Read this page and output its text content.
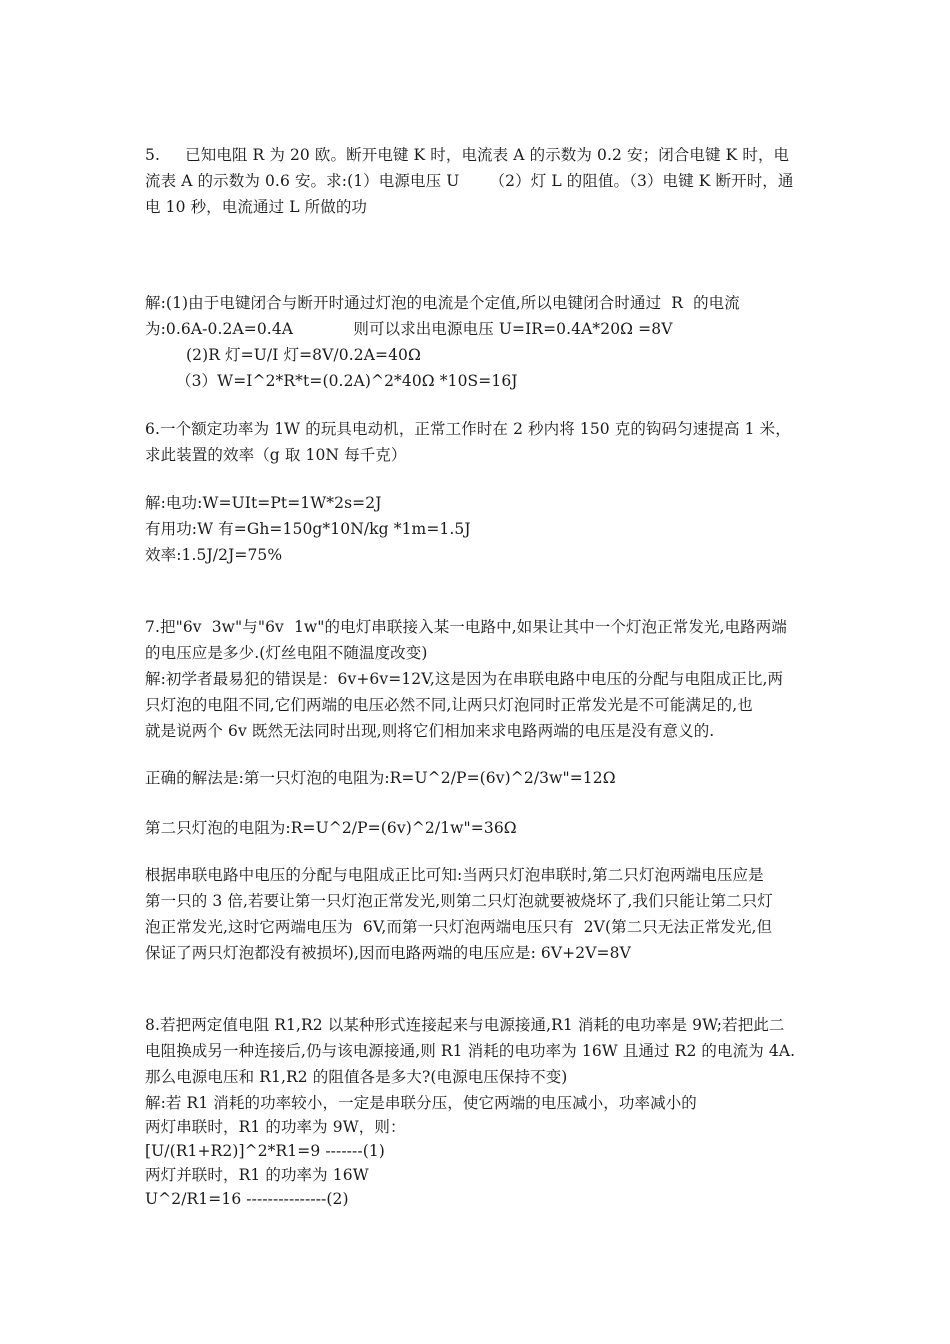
5.     已知电阻 R 为 20 欧。断开电键 K 时，电流表 A 的示数为 0.2 安；闭合电键 K 时，电
流表 A 的示数为 0.6 安。求:(1）电源电压 U      （2）灯 L 的阻值。（3）电键 K 断开时，通
电 10 秒，电流通过 L 所做的功
解:(1)由于电键闭合与断开时通过灯泡的电流是个定值,所以电键闭合时通过  R  的电流
为:0.6A-0.2A=0.4A            则可以求出电源电压 U=IR=0.4A*20Ω =8V
(2)R 灯=U/I 灯=8V/0.2A=40Ω
（3）W=I^2*R*t=(0.2A)^2*40Ω *10S=16J
6.一个额定功率为 1W 的玩具电动机，正常工作时在 2 秒内将 150 克的钩码匀速提高 1 米，
求此装置的效率（g 取 10N 每千克）
解:电功:W=UIt=Pt=1W*2s=2J
有用功:W 有=Gh=150g*10N/kg *1m=1.5J
效率:1.5J/2J=75%
7.把"6v  3w"与"6v  1w"的电灯串联接入某一电路中,如果让其中一个灯泡正常发光,电路两端
的电压应是多少.(灯丝电阻不随温度改变)
解:初学者最易犯的错误是：6v+6v=12V,这是因为在串联电路中电压的分配与电阻成正比,两
只灯泡的电阻不同,它们两端的电压必然不同,让两只灯泡同时正常发光是不可能满足的,也
就是说两个 6v 既然无法同时出现,则将它们相加来求电路两端的电压是没有意义的.
正确的解法是:第一只灯泡的电阻为:R=U^2/P=(6v)^2/3w"=12Ω
第二只灯泡的电阻为:R=U^2/P=(6v)^2/1w"=36Ω
根据串联电路中电压的分配与电阻成正比可知:当两只灯泡串联时,第二只灯泡两端电压应是
第一只的 3 倍,若要让第一只灯泡正常发光,则第二只灯泡就要被烧坏了,我们只能让第二只灯
泡正常发光,这时它两端电压为  6V,而第一只灯泡两端电压只有  2V(第二只无法正常发光,但
保证了两只灯泡都没有被损坏),因而电路两端的电压应是: 6V+2V=8V
8.若把两定值电阻 R1,R2 以某种形式连接起来与电源接通,R1 消耗的电功率是 9W;若把此二
电阻换成另一种连接后,仍与该电源接通,则 R1 消耗的电功率为 16W 且通过 R2 的电流为 4A.
那么电源电压和 R1,R2 的阻值各是多大?(电源电压保持不变)
解:若 R1 消耗的功率较小，一定是串联分压，使它两端的电压减小，功率减小的
两灯串联时，R1 的功率为 9W，则：
[U/(R1+R2)]^2*R1=9 -------(1)
两灯并联时，R1 的功率为 16W
U^2/R1=16 ---------------(2)
